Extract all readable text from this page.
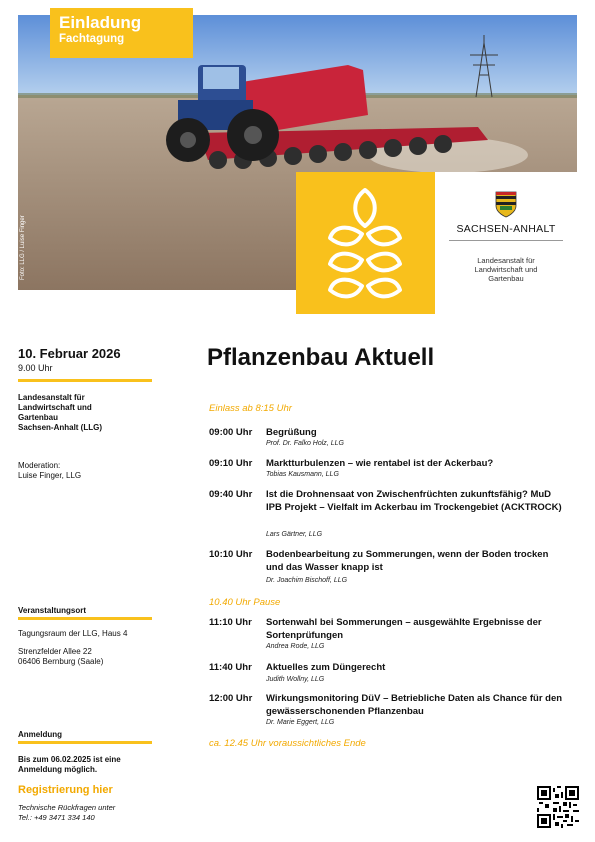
Einladung
Fachtagung
Foto: LLG / Luise Finger	SACHSEN-ANHALT
Landesanstalt für
Landwirtschaft und
Gartenbau
10. Februar 2026
9.00 Uhr
Landesanstalt für
Landwirtschaft und
Gartenbau
Sachsen-Anhalt (LLG)
Moderation:
Luise Finger, LLG
Veranstaltungsort
Tagungsraum der LLG, Haus 4
Strenzfelder Allee 22
06406 Bernburg (Saale)
Anmeldung
Bis zum 06.02.2025 ist eine
Anmeldung möglich.
Registrierung hier
Technische Rückfragen unter
Tel.: +49 3471 334 140
Pflanzenbau Aktuell
Einlass ab 8:15 Uhr
09:00 Uhr Begrüßung
Prof. Dr. Falko Holz, LLG
09:10 Uhr Marktturbulenzen – wie rentabel ist der Ackerbau?
Tobias Kausmann, LLG
09:40 Uhr Ist die Drohnensaat von Zwischenfrüchten zukunftsfähig? MuD IPB Projekt – Vielfalt im Ackerbau im Trockengebiet (ACKTROCK)
Lars Gärtner, LLG
10:10 Uhr Bodenbearbeitung zu Sommerungen, wenn der Boden trocken und das Wasser knapp ist
Dr. Joachim Bischoff, LLG
10.40 Uhr Pause
11:10 Uhr Sortenwahl bei Sommerungen – ausgewählte Ergebnisse der Sortenprüfungen
Andrea Rode, LLG
11:40 Uhr Aktuelles zum Düngerecht
Judith Wollny, LLG
12:00 Uhr Wirkungsmonitoring DüV – Betriebliche Daten als Chance für den gewässerschonenden Pflanzenbau
Dr. Marie Eggert, LLG
ca. 12.45 Uhr voraussichtliches Ende
